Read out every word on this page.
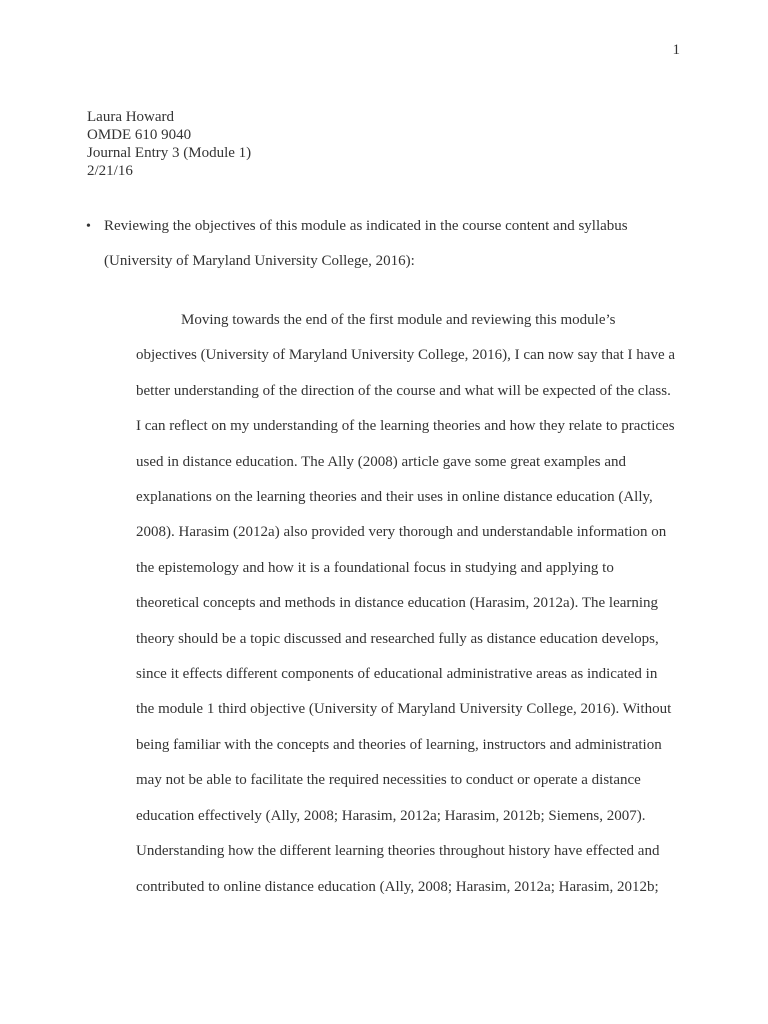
1
Laura Howard
OMDE 610 9040
Journal Entry 3 (Module 1)
2/21/16
• Reviewing the objectives of this module as indicated in the course content and syllabus
(University of Maryland University College, 2016):
Moving towards the end of the first module and reviewing this module’s
objectives (University of Maryland University College, 2016), I can now say that I have a
better understanding of the direction of the course and what will be expected of the class.
I can reflect on my understanding of the learning theories and how they relate to practices
used in distance education. The Ally (2008) article gave some great examples and
explanations on the learning theories and their uses in online distance education (Ally,
2008). Harasim (2012a) also provided very thorough and understandable information on
the epistemology and how it is a foundational focus in studying and applying to
theoretical concepts and methods in distance education (Harasim, 2012a). The learning
theory should be a topic discussed and researched fully as distance education develops,
since it effects different components of educational administrative areas as indicated in
the module 1 third objective (University of Maryland University College, 2016). Without
being familiar with the concepts and theories of learning, instructors and administration
may not be able to facilitate the required necessities to conduct or operate a distance
education effectively (Ally, 2008; Harasim, 2012a; Harasim, 2012b; Siemens, 2007).
Understanding how the different learning theories throughout history have effected and
contributed to online distance education (Ally, 2008; Harasim, 2012a; Harasim, 2012b;
